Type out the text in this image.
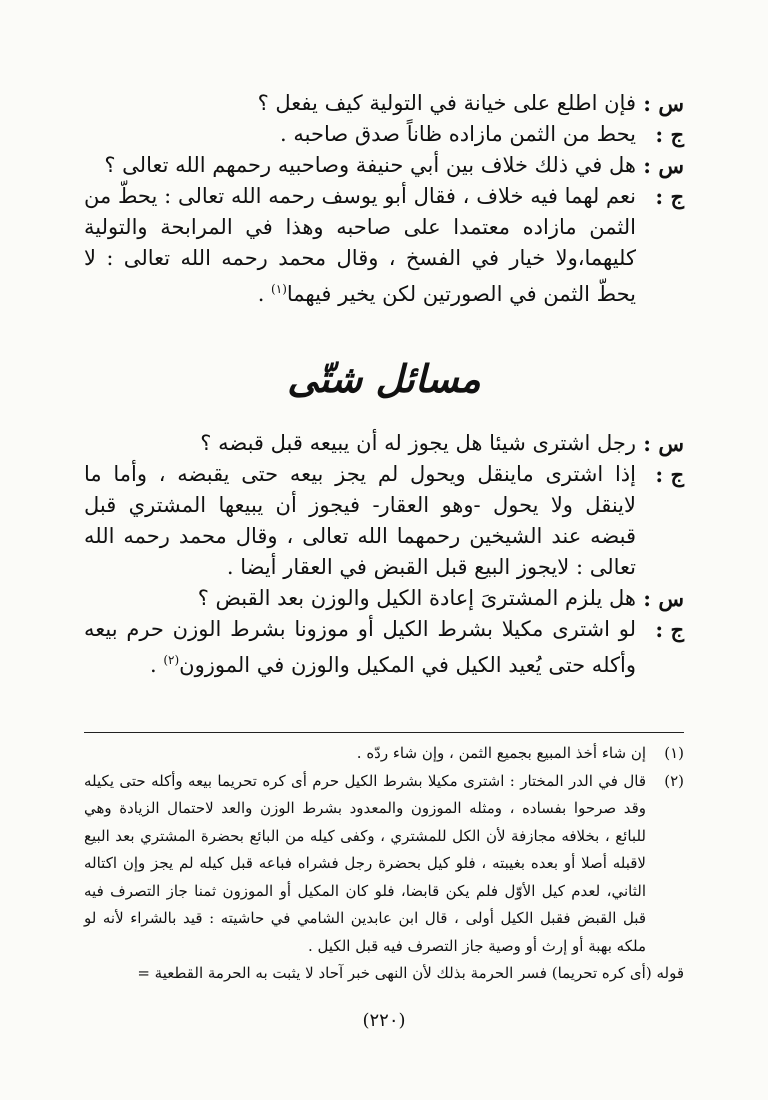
س :
فإن اطلع على خيانة في التولية كيف يفعل ؟
ج :
يحط من الثمن مازاده ظاناً صدق صاحبه .
س :
هل في ذلك خلاف بين أبي حنيفة وصاحبيه رحمهم الله تعالى ؟
ج :
نعم لهما فيه خلاف ، فقال أبو يوسف رحمه الله تعالى : يحطّ من الثمن مازاده معتمدا على صاحبه وهذا في المرابحة والتولية كليهما،ولا خيار في الفسخ ، وقال محمد رحمه الله تعالى : لا يحطّ الثمن في الصورتين لكن يخير فيهما$^{(١)}$ .
مسائل شتّى
س :
رجل اشترى شيئا هل يجوز له أن يبيعه قبل قبضه ؟
ج :
إذا اشترى ماينقل ويحول لم يجز بيعه حتى يقبضه ، وأما ما لاينقل ولا يحول -وهو العقار- فيجوز أن يبيعها المشتري قبل قبضه عند الشيخين رحمهما الله تعالى ، وقال محمد رحمه الله تعالى : لايجوز البيع قبل القبض في العقار أيضا .
س :
هل يلزم المشترىَ إعادة الكيل والوزن بعد القبض ؟
ج :
لو اشترى مكيلا بشرط الكيل أو موزونا بشرط الوزن حرم بيعه وأكله حتى يُعيد الكيل في المكيل والوزن في الموزون$^{(٢)}$ .
(١)
إن شاء أخذ المبيع بجميع الثمن ، وإن شاء ردّه .
(٢)
قال في الدر المختار : اشترى مكيلا بشرط الكيل حرم أى كره تحريما بيعه وأكله حتى يكيله وقد صرحوا بفساده ، ومثله الموزون والمعدود بشرط الوزن والعد لاحتمال الزيادة وهي للبائع ، بخلافه مجازفة لأن الكل للمشتري ، وكفى كيله من البائع بحضرة المشتري بعد البيع لاقبله أصلا أو بعده بغيبته ، فلو كيل بحضرة رجل فشراه فباعه قبل كيله لم يجز وإن اكتاله الثاني، لعدم كيل الأوّل فلم يكن قابضا، فلو كان المكيل أو الموزون ثمنا جاز التصرف فيه قبل القبض فقبل الكيل أولى ، قال ابن عابدين الشامي في حاشيته : قيد بالشراء لأنه لو ملكه بهبة أو إرث أو وصية جاز التصرف فيه قبل الكيل .
قوله (أى كره تحريما) فسر الحرمة بذلك لأن النهى خبر آحاد لا يثبت به الحرمة القطعية =
(٢٢٠)
